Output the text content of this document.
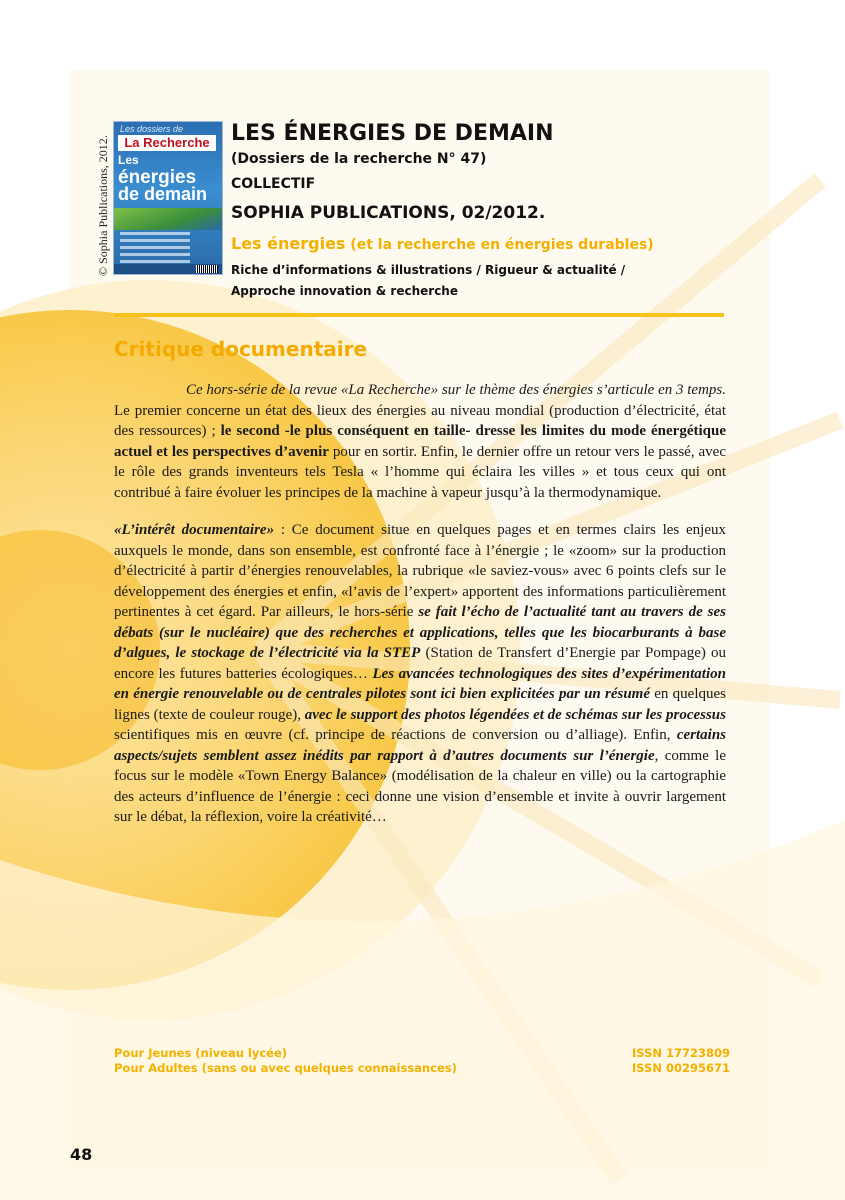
Les dossiers de
La Recherche
Les
énergies
de demain
© Sophia Publications, 2012.
LES ÉNERGIES DE DEMAIN
(Dossiers de la recherche N° 47)
COLLECTIF
SOPHIA PUBLICATIONS, 02/2012.
Les énergies (et la recherche en énergies durables)
Riche d’informations & illustrations / Rigueur & actualité /
Approche innovation & recherche
Critique documentaire

Ce hors-série de la revue «La Recherche» sur le thème des énergies s’articule en 3 temps. Le premier concerne un état des lieux des énergies au niveau mondial (production d’électricité, état des ressources) ; le second -le plus conséquent en taille- dresse les limites du mode énergétique actuel et les perspectives d’avenir pour en sortir. Enfin, le dernier offre un retour vers le passé, avec le rôle des grands inventeurs tels Tesla « l’homme qui éclaira les villes » et tous ceux qui ont contribué à faire évoluer les principes de la machine à vapeur jusqu’à la thermodynamique.

«L’intérêt documentaire» : Ce document situe en quelques pages et en termes clairs les enjeux auxquels le monde, dans son ensemble, est confronté face à l’énergie ; le «zoom» sur la production d’électricité à partir d’énergies renouvelables, la rubrique «le saviez-vous» avec 6 points clefs sur le développement des énergies et enfin, «l’avis de l’expert» apportent des informations particulièrement pertinentes à cet égard. Par ailleurs, le hors-série se fait l’écho de l’actualité tant au travers de ses débats (sur le nucléaire) que des recherches et applications, telles que les biocarburants à base d’algues, le stockage de l’électricité via la STEP (Station de Transfert d’Energie par Pompage) ou encore les futures batteries écologiques… Les avancées technologiques des sites d’expérimentation en énergie renouvelable ou de centrales pilotes sont ici bien explicitées par un résumé en quelques lignes (texte de couleur rouge), avec le support des photos légendées et de schémas sur les processus scientifiques mis en œuvre (cf. principe de réactions de conversion ou d’alliage). Enfin, certains aspects/sujets semblent assez inédits par rapport à d’autres documents sur l’énergie, comme le focus sur le modèle «Town Energy Balance» (modélisation de la chaleur en ville) ou la cartographie des acteurs d’influence de l’énergie : ceci donne une vision d’ensemble et invite à ouvrir largement sur le débat, la réflexion, voire la créativité…

Pour Jeunes (niveau lycée)
Pour Adultes (sans ou avec quelques connaissances)
ISSN 17723809
ISSN 00295671
48
